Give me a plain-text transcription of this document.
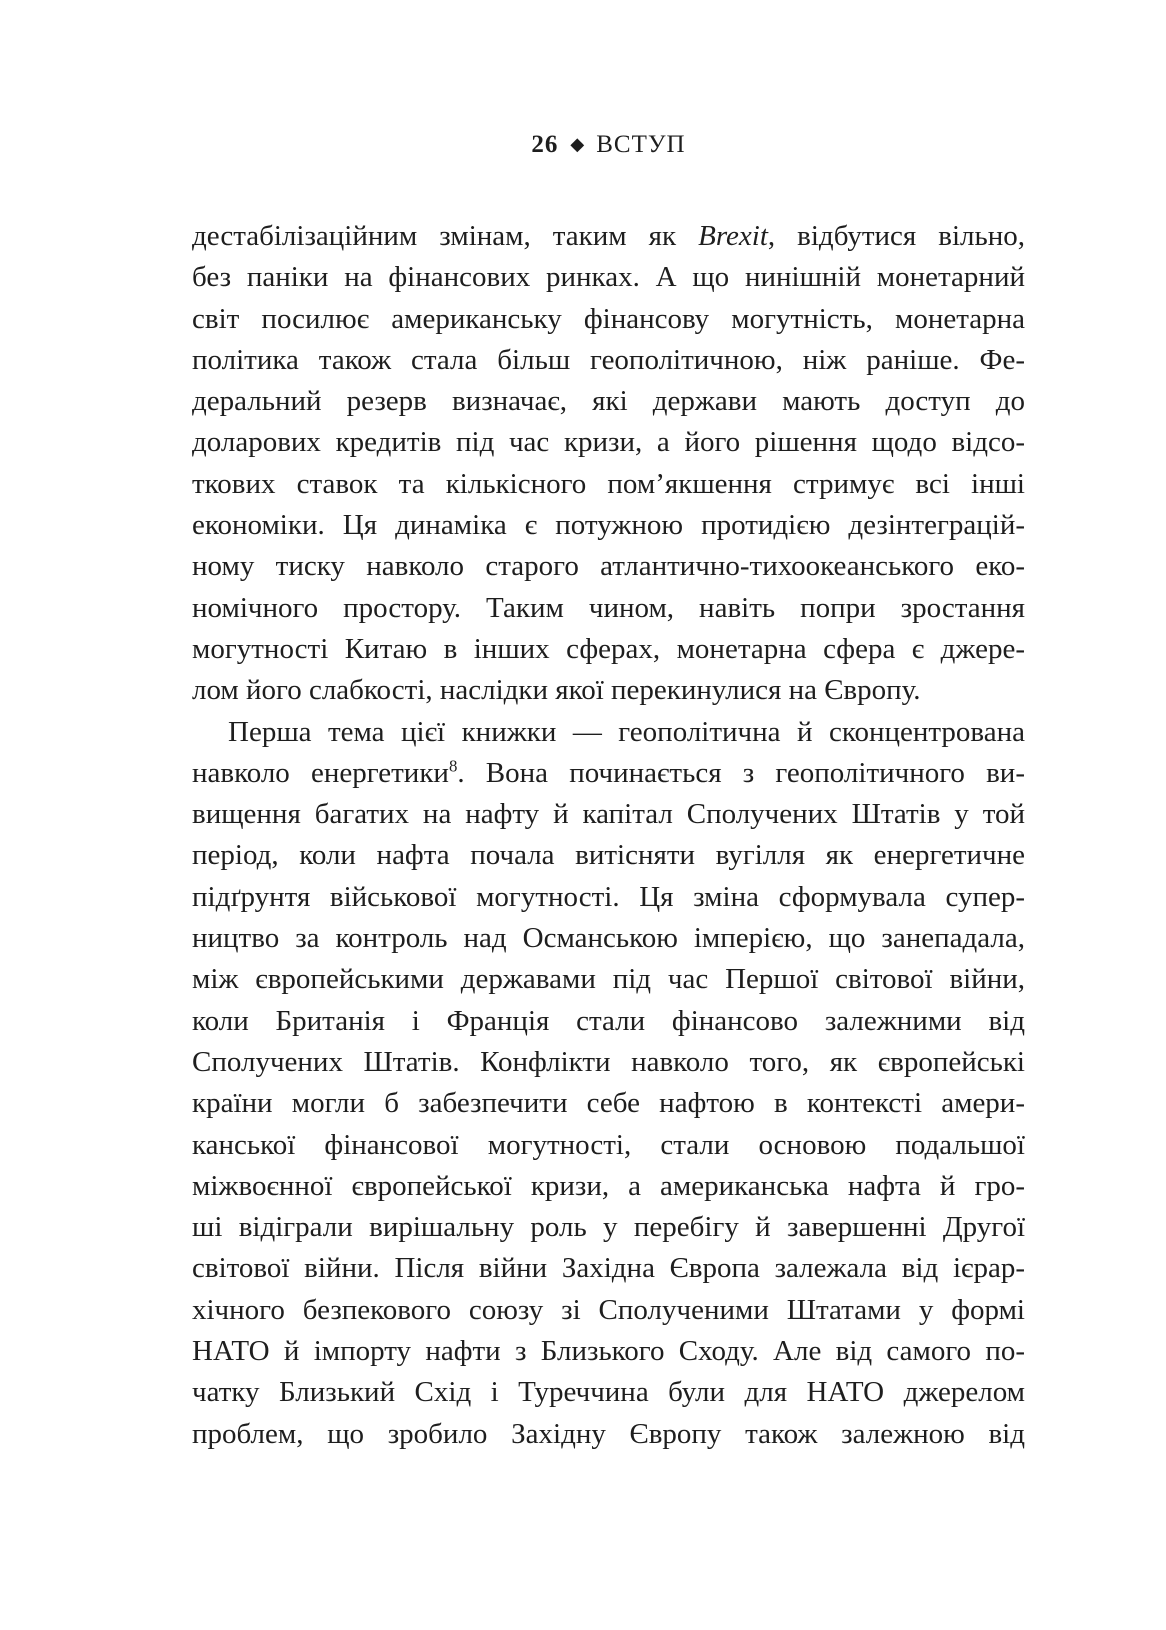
26 ◆ ВСТУП
дестабілізаційним змінам, таким як Brexit, відбутися вільно,
без паніки на фінансових ринках. А що нинішній монетарний
світ посилює американську фінансову могутність, монетарна
політика також стала більш геополітичною, ніж раніше. Фе-
деральний резерв визначає, які держави мають доступ до
доларових кредитів під час кризи, а його рішення щодо відсо-
ткових ставок та кількісного пом’якшення стримує всі інші
економіки. Ця динаміка є потужною протидією дезінтеграцій-
ному тиску навколо старого атлантично-тихоокеанського еко-
номічного простору. Таким чином, навіть попри зростання
могутності Китаю в інших сферах, монетарна сфера є джере-
лом його слабкості, наслідки якої перекинулися на Європу.
Перша тема цієї книжки — геополітична й сконцентрована
навколо енергетики$^8$. Вона починається з геополітичного ви-
вищення багатих на нафту й капітал Сполучених Штатів у той
період, коли нафта почала витісняти вугілля як енергетичне
підґрунтя військової могутності. Ця зміна сформувала супер-
ництво за контроль над Османською імперією, що занепадала,
між європейськими державами під час Першої світової війни,
коли Британія і Франція стали фінансово залежними від
Сполучених Штатів. Конфлікти навколо того, як європейські
країни могли б забезпечити себе нафтою в контексті амери-
канської фінансової могутності, стали основою подальшої
міжвоєнної європейської кризи, а американська нафта й гро-
ші відіграли вирішальну роль у перебігу й завершенні Другої
світової війни. Після війни Західна Європа залежала від ієрар-
хічного безпекового союзу зі Сполученими Штатами у формі
НАТО й імпорту нафти з Близького Сходу. Але від самого по-
чатку Близький Схід і Туреччина були для НАТО джерелом
проблем, що зробило Західну Європу також залежною від
